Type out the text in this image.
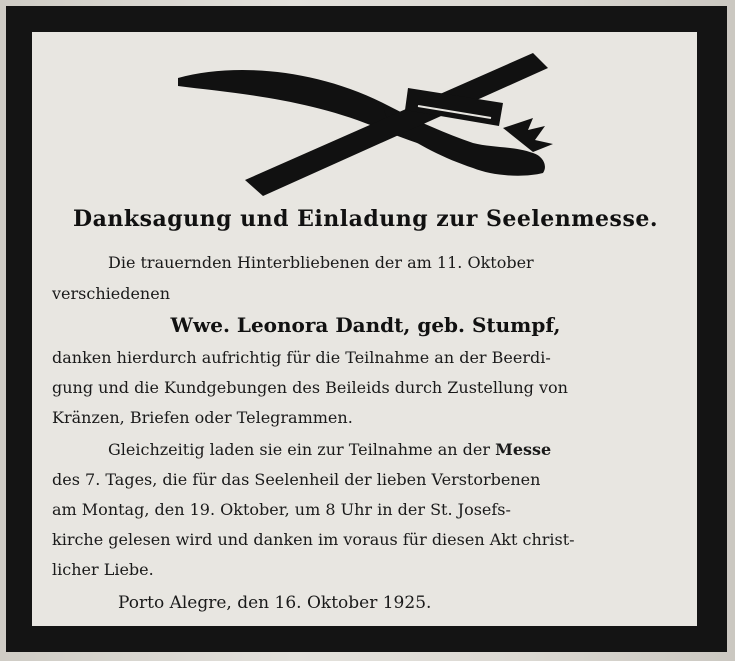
Danksagung und Einladung zur Seelenmesse.
Die trauernden Hinterbliebenen der am 11. Oktober
verschiedenen
Wwe. Leonora Dandt, geb. Stumpf,
danken hierdurch aufrichtig für die Teilnahme an der Beerdi-
gung und die Kundgebungen des Beileids durch Zustellung von
Kränzen, Briefen oder Telegrammen.
Gleichzeitig laden sie ein zur Teilnahme an der Messe
des 7. Tages, die für das Seelenheil der lieben Verstorbenen
am Montag, den 19. Oktober, um 8 Uhr in der St. Josefs-
kirche gelesen wird und danken im voraus für diesen Akt christ-
licher Liebe.
Porto Alegre, den 16. Oktober 1925.
